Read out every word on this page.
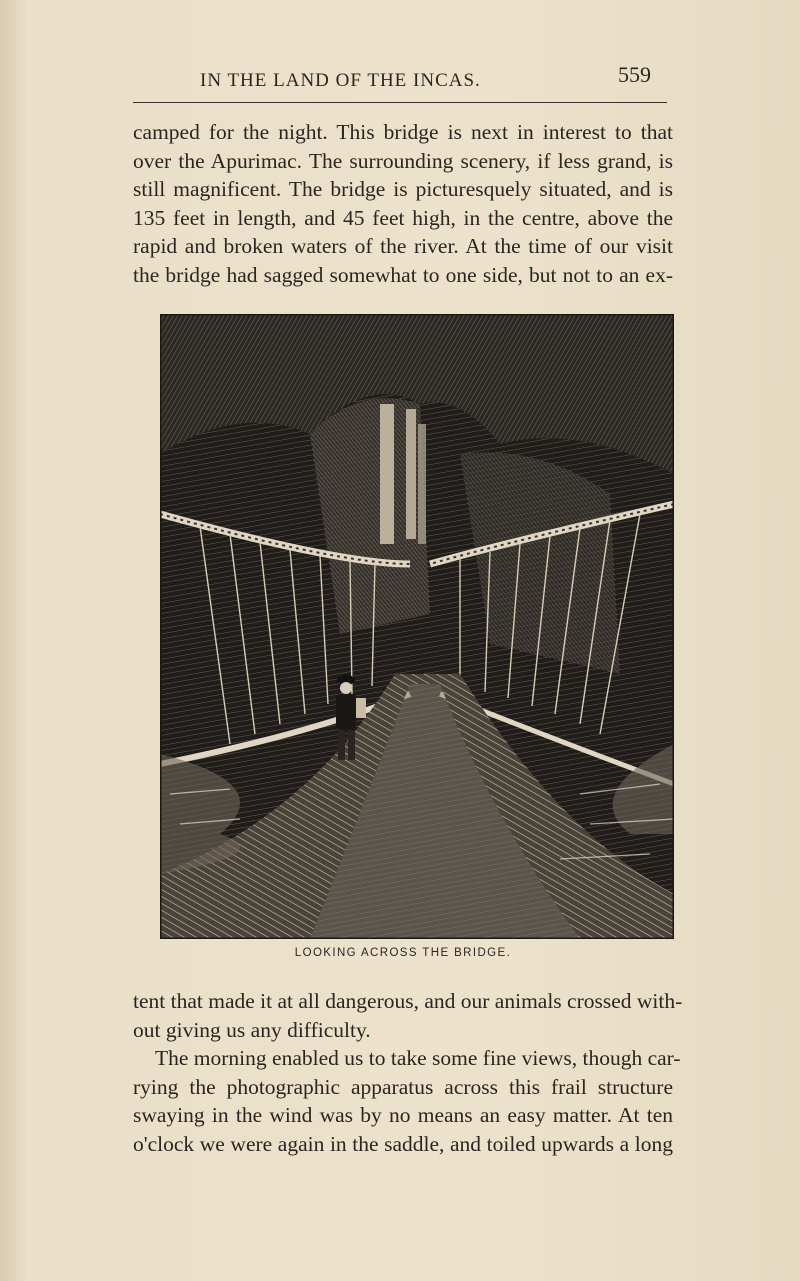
IN THE LAND OF THE INCAS.	559
camped for the night. This bridge is next in interest to that
over the Apurimac. The surrounding scenery, if less grand, is
still magnificent. The bridge is picturesquely situated, and is
135 feet in length, and 45 feet high, in the centre, above the
rapid and broken waters of the river. At the time of our visit
the bridge had sagged somewhat to one side, but not to an ex-
LOOKING ACROSS THE BRIDGE.
tent that made it at all dangerous, and our animals crossed with-
out giving us any difficulty.
The morning enabled us to take some fine views, though car-
rying the photographic apparatus across this frail structure
swaying in the wind was by no means an easy matter. At ten
o'clock we were again in the saddle, and toiled upwards a long
